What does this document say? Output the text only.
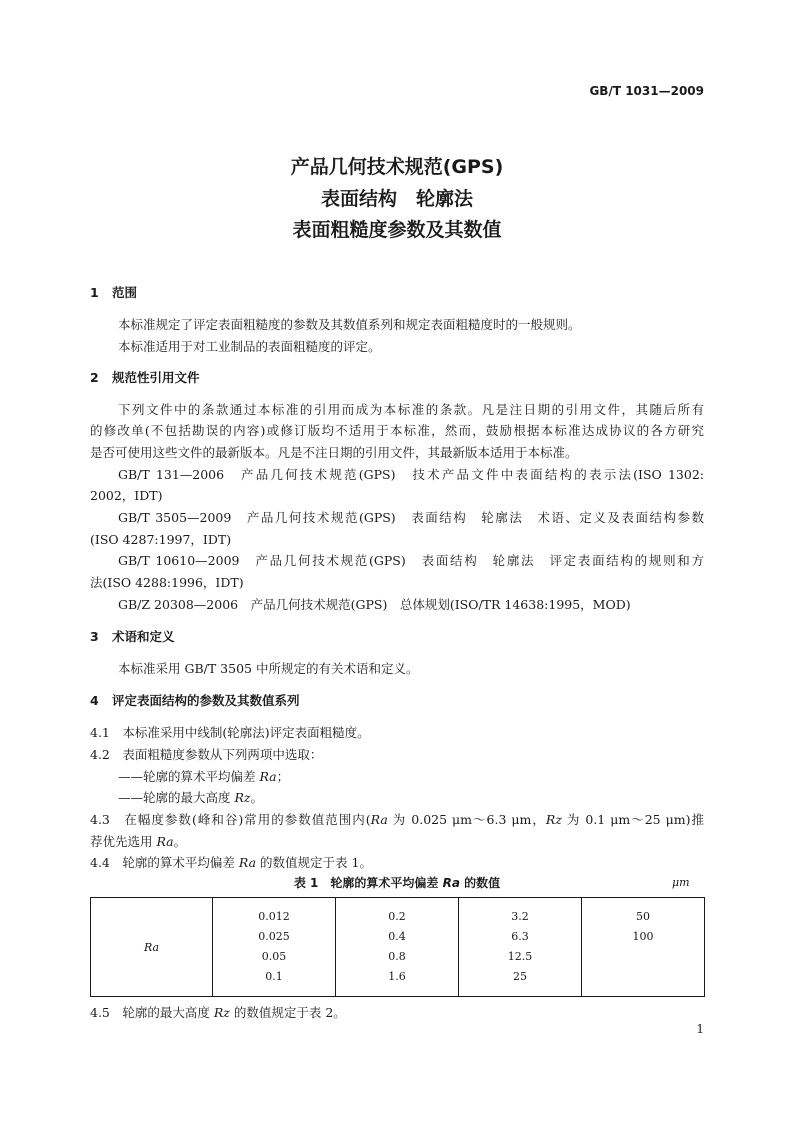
GB/T 1031—2009
产品几何技术规范(GPS)
表面结构　轮廓法
表面粗糙度参数及其数值
1 范围
本标准规定了评定表面粗糙度的参数及其数值系列和规定表面粗糙度时的一般规则。
本标准适用于对工业制品的表面粗糙度的评定。
2 规范性引用文件
下列文件中的条款通过本标准的引用而成为本标准的条款。凡是注日期的引用文件，其随后所有
的修改单(不包括勘误的内容)或修订版均不适用于本标准，然而，鼓励根据本标准达成协议的各方研究
是否可使用这些文件的最新版本。凡是不注日期的引用文件，其最新版本适用于本标准。
GB/T 131—2006　产品几何技术规范(GPS)　技术产品文件中表面结构的表示法(ISO 1302:
2002，IDT)
GB/T 3505—2009　产品几何技术规范(GPS)　表面结构　轮廓法　术语、定义及表面结构参数
(ISO 4287:1997，IDT)
GB/T 10610—2009　产品几何技术规范(GPS)　表面结构　轮廓法　评定表面结构的规则和方
法(ISO 4288:1996，IDT)
GB/Z 20308—2006　产品几何技术规范(GPS)　总体规划(ISO/TR 14638:1995，MOD)
3 术语和定义
本标准采用 GB/T 3505 中所规定的有关术语和定义。
4 评定表面结构的参数及其数值系列
4.1　 本标准采用中线制(轮廓法)评定表面粗糙度。
4.2　 表面粗糙度参数从下列两项中选取：
——轮廓的算术平均偏差 Ra；
——轮廓的最大高度 Rz。
4.3　 在幅度参数(峰和谷)常用的参数值范围内(Ra 为 0.025 μm～6.3 μm，Rz 为 0.1 μm～25 μm)推
荐优先选用 Ra。
4.4　 轮廓的算术平均偏差 Ra 的数值规定于表 1。
表 1　轮廓的算术平均偏差 Ra 的数值	μm
Ra	
0.012
0.025
0.05
0.1

0.2
0.4
0.8
1.6

3.2
6.3
12.5
25

50
100
4.5　 轮廓的最大高度 Rz 的数值规定于表 2。
1
